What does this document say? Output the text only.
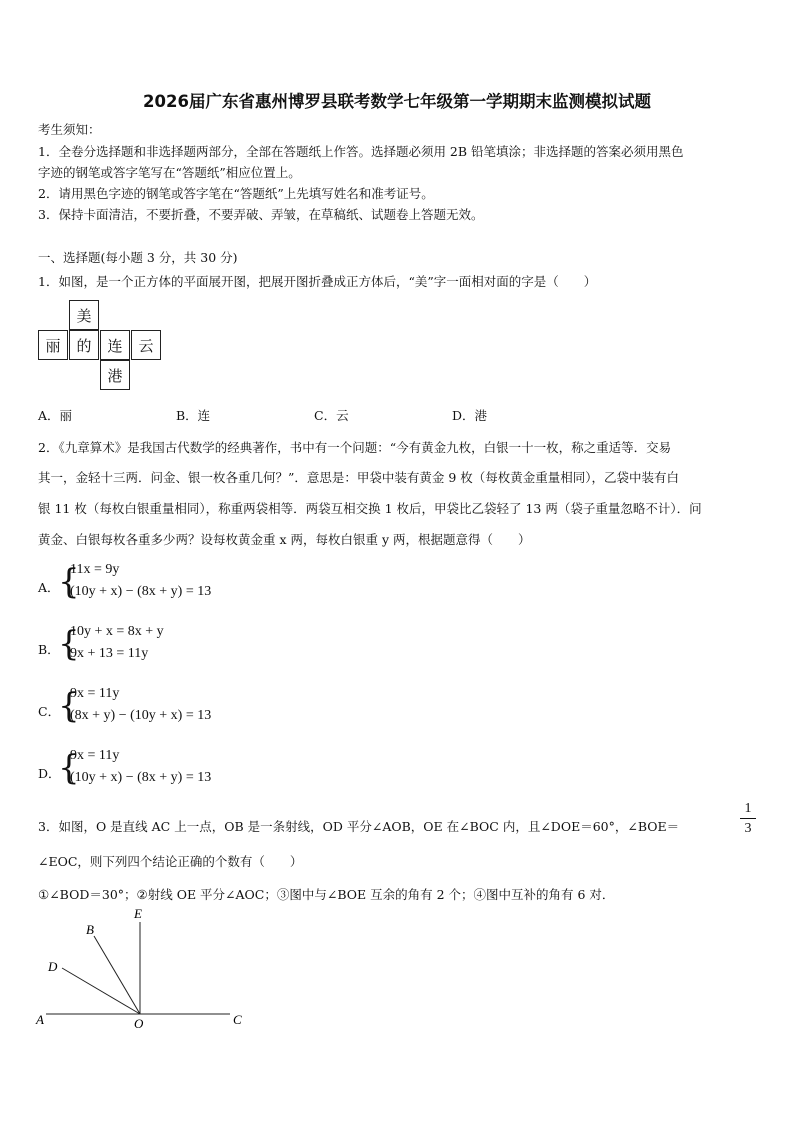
2026届广东省惠州博罗县联考数学七年级第一学期期末监测模拟试题
考生须知：
1．全卷分选择题和非选择题两部分，全部在答题纸上作答。选择题必须用 2B 铅笔填涂；非选择题的答案必须用黑色
字迹的钢笔或答字笔写在“答题纸”相应位置上。
2．请用黑色字迹的钢笔或答字笔在“答题纸”上先填写姓名和准考证号。
3．保持卡面清洁，不要折叠，不要弄破、弄皱，在草稿纸、试题卷上答题无效。
一、选择题(每小题 3 分，共 30 分)
1．如图，是一个正方体的平面展开图，把展开图折叠成正方体后，“美”字一面相对面的字是（　　）
美
丽	的	连	云
港
A．丽	B．连	C．云	D．港
2．《九章算术》是我国古代数学的经典著作，书中有一个问题：“今有黄金九枚，白银一十一枚，称之重适等．交易
其一，金轻十三两．问金、银一枚各重几何？”．意思是：甲袋中装有黄金 9 枚（每枚黄金重量相同），乙袋中装有白
银 11 枚（每枚白银重量相同），称重两袋相等．两袋互相交换 1 枚后，甲袋比乙袋轻了 13 两（袋子重量忽略不计）．问
黄金、白银每枚各重多少两？设每枚黄金重 x 两，每枚白银重 y 两，根据题意得（　　）
A．
{
11x = 9y
(10y + x) − (8x + y) = 13
B．
{
10y + x = 8x + y
9x + 13 = 11y
C．
{
9x = 11y
(8x + y) − (10y + x) = 13
D．
{
9x = 11y
(10y + x) − (8x + y) = 13
3．如图，O 是直线 AC 上一点，OB 是一条射线，OD 平分∠AOB，OE 在∠BOC 内，且∠DOE＝60°，∠BOE＝	$\frac{1}{3}$
∠EOC，则下列四个结论正确的个数有（　　）
①∠BOD＝30°；②射线 OE 平分∠AOC；③图中与∠BOE 互余的角有 2 个；④图中互补的角有 6 对．
E
B
D
A	O	C
